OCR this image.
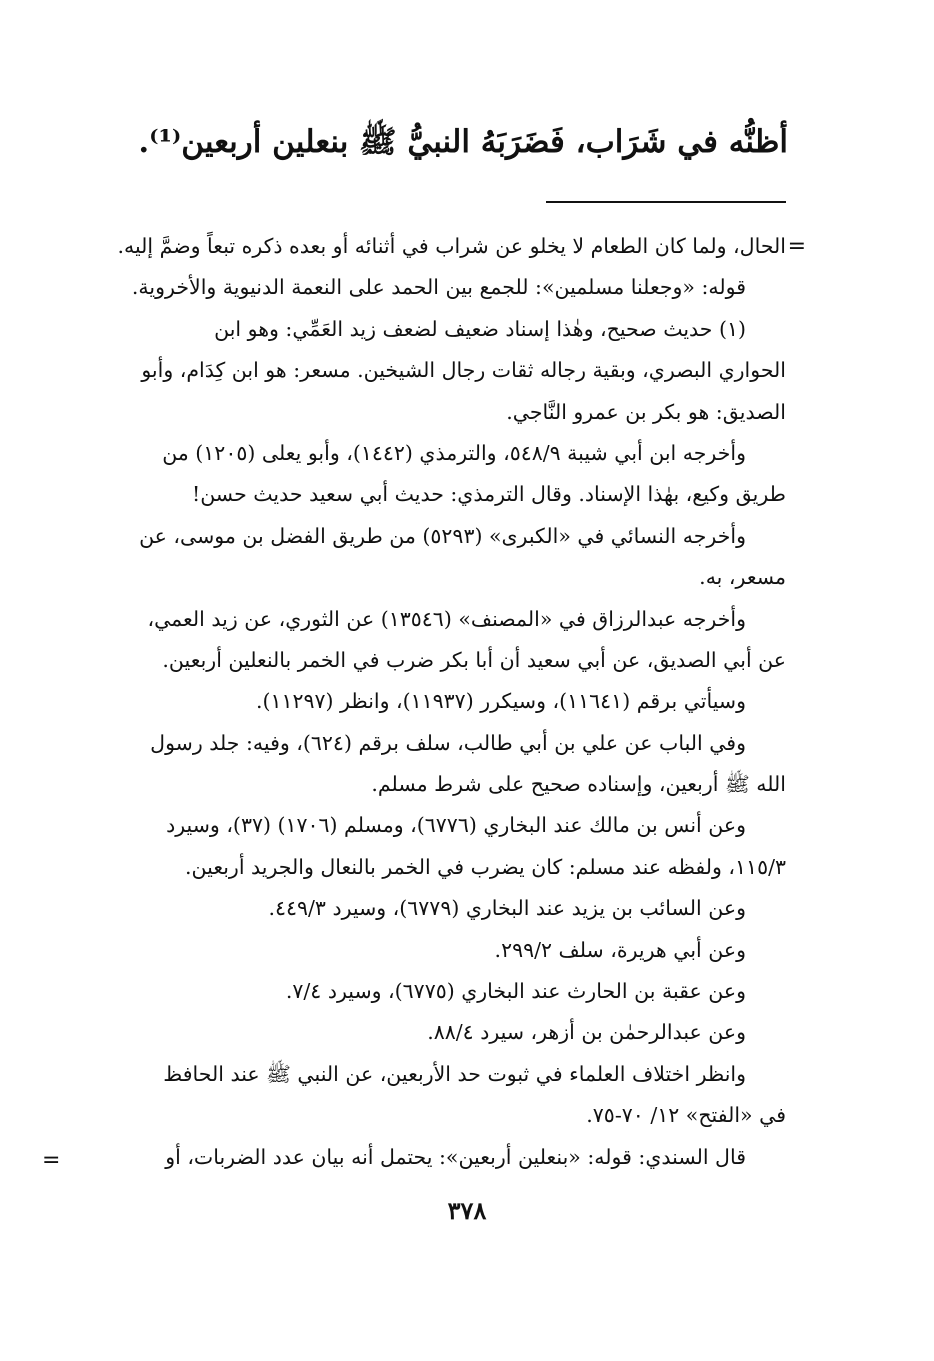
أظنُّه في شَرَاب، فَضَرَبَهُ النبيُّ ﷺ بنعلين أربعين⁽¹⁾.
=
الحال، ولما كان الطعام لا يخلو عن شراب في أثنائه أو بعده ذكره تبعاً وضمَّ إليه.
قوله: «وجعلنا مسلمين»: للجمع بين الحمد على النعمة الدنيوية والأخروية.
(١) حديث صحيح، وهٰذا إسناد ضعيف لضعف زيد العَمِّي: وهو ابن
الحواري البصري، وبقية رجاله ثقات رجال الشيخين. مسعر: هو ابن كِدَام، وأبو
الصديق: هو بكر بن عمرو النَّاجي.
وأخرجه ابن أبي شيبة ٥٤٨/٩، والترمذي (١٤٤٢)، وأبو يعلى (١٢٠٥) من
طريق وكيع، بهٰذا الإسناد. وقال الترمذي: حديث أبي سعيد حديث حسن!
وأخرجه النسائي في «الكبرى» (٥٢٩٣) من طريق الفضل بن موسى، عن
مسعر، به.
وأخرجه عبدالرزاق في «المصنف» (١٣٥٤٦) عن الثوري، عن زيد العمي،
عن أبي الصديق، عن أبي سعيد أن أبا بكر ضرب في الخمر بالنعلين أربعين.
وسيأتي برقم (١١٦٤١)، وسيكرر (١١٩٣٧)، وانظر (١١٢٩٧).
وفي الباب عن علي بن أبي طالب، سلف برقم (٦٢٤)، وفيه: جلد رسول
الله ﷺ أربعين، وإسناده صحيح على شرط مسلم.
وعن أنس بن مالك عند البخاري (٦٧٧٦)، ومسلم (١٧٠٦) (٣٧)، وسيرد
١١٥/٣، ولفظه عند مسلم: كان يضرب في الخمر بالنعال والجريد أربعين.
وعن السائب بن يزيد عند البخاري (٦٧٧٩)، وسيرد ٤٤٩/٣.
وعن أبي هريرة، سلف ٢٩٩/٢.
وعن عقبة بن الحارث عند البخاري (٦٧٧٥)، وسيرد ٧/٤.
وعن عبدالرحمٰن بن أزهر، سيرد ٨٨/٤.
وانظر اختلاف العلماء في ثبوت حد الأربعين، عن النبي ﷺ عند الحافظ
في «الفتح» ١٢/ ٧٠-٧٥.
قال السندي: قوله: «بنعلين أربعين»: يحتمل أنه بيان عدد الضربات، أو
=
٣٧٨
